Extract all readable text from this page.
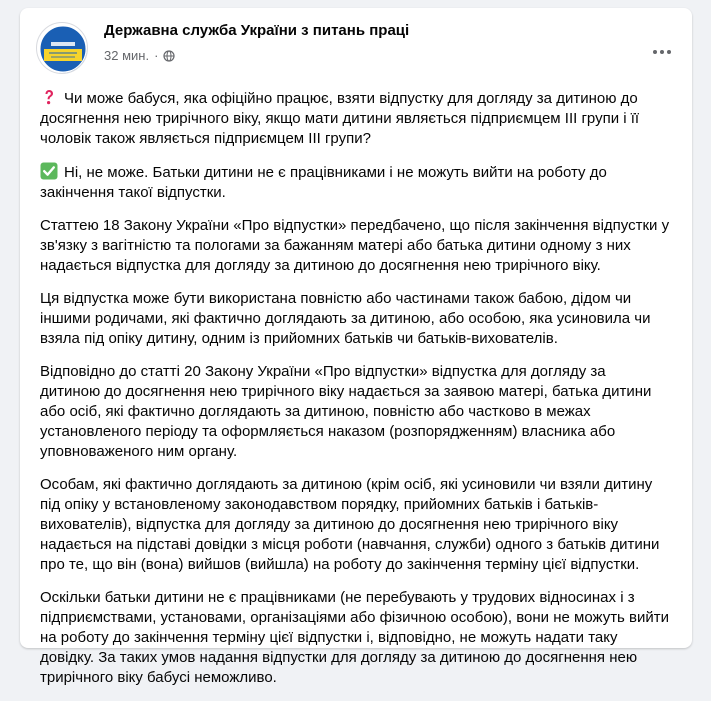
Державна служба України з питань праці
32 мин. ·

Чи може бабуся, яка офіційно працює, взяти відпустку для догляду за дитиною до досягнення нею трирічного віку, якщо мати дитини являється підприємцем ІІІ групи і її чоловік також являється підприємцем ІІІ групи?

Ні, не може. Батьки дитини не є працівниками і не можуть вийти на роботу до закінчення такої відпустки.

Статтею 18 Закону України «Про відпустки» передбачено, що після закінчення відпустки у зв'язку з вагітністю та пологами за бажанням матері або батька дитини одному з них надається відпустка для догляду за дитиною до досягнення нею трирічного віку.

Ця відпустка може бути використана повністю або частинами також бабою, дідом чи іншими родичами, які фактично доглядають за дитиною, або особою, яка усиновила чи взяла під опіку дитину, одним із прийомних батьків чи батьків-вихователів.

Відповідно до статті 20 Закону України «Про відпустки» відпустка для догляду за дитиною до досягнення нею трирічного віку надається за заявою матері, батька дитини або осіб, які фактично доглядають за дитиною, повністю або частково в межах установленого періоду та оформляється наказом (розпорядженням) власника або уповноваженого ним органу.

Особам, які фактично доглядають за дитиною (крім осіб, які усиновили чи взяли дитину під опіку у встановленому законодавством порядку, прийомних батьків і батьків-вихователів), відпустка для догляду за дитиною до досягнення нею трирічного віку надається на підставі довідки з місця роботи (навчання, служби) одного з батьків дитини про те, що він (вона) вийшов (вийшла) на роботу до закінчення терміну цієї відпустки.

Оскільки батьки дитини не є працівниками (не перебувають у трудових відносинах і з підприємствами, установами, організаціями або фізичною особою), вони не можуть вийти на роботу до закінчення терміну цієї відпустки і, відповідно, не можуть надати таку довідку. За таких умов надання відпустки для догляду за дитиною до досягнення нею трирічного віку бабусі неможливо.
